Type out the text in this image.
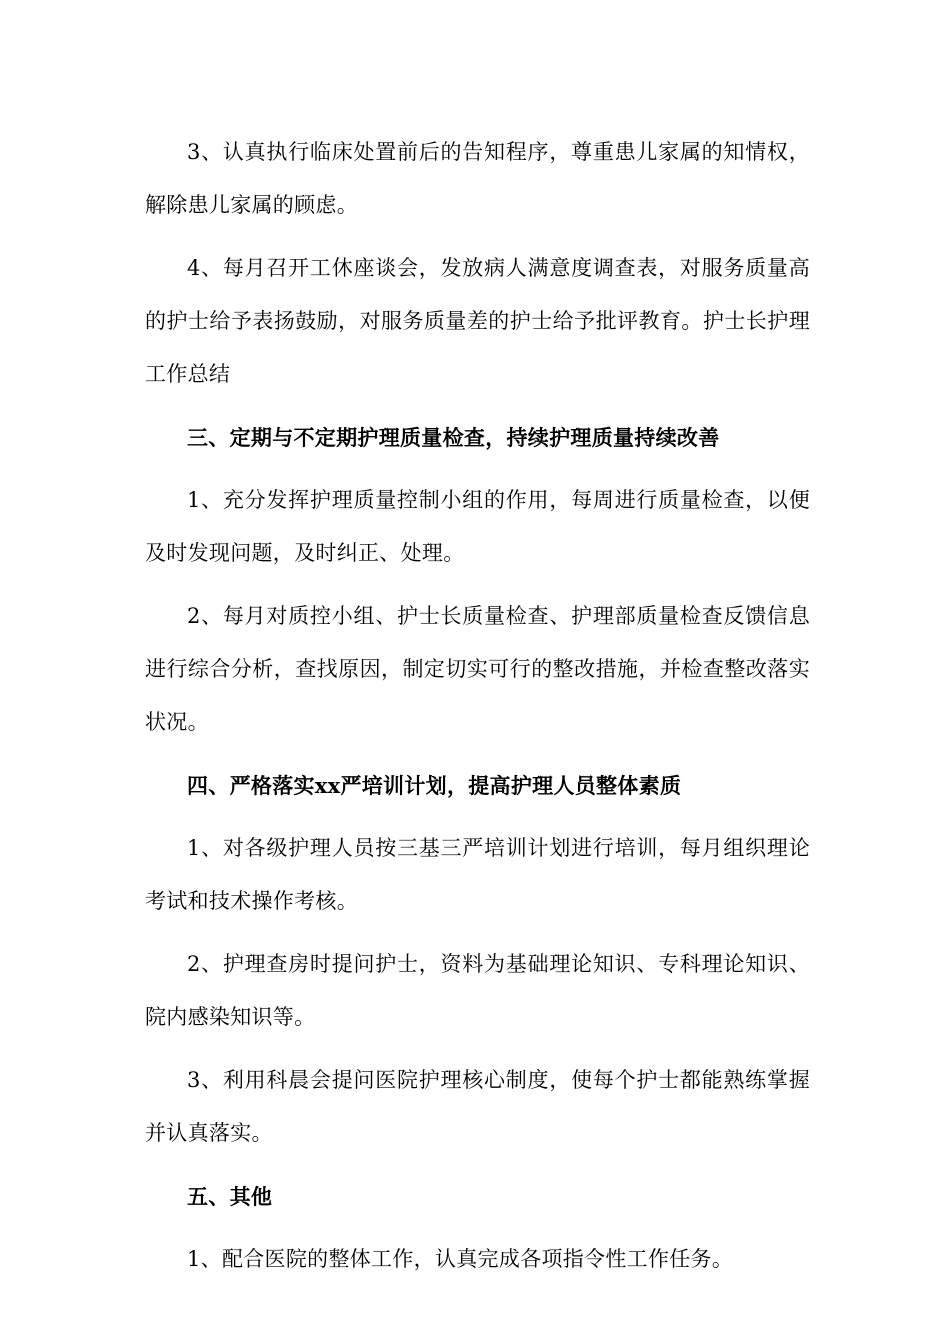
3、认真执行临床处置前后的告知程序，尊重患儿家属的知情权，解除患儿家属的顾虑。

4、每月召开工休座谈会，发放病人满意度调查表，对服务质量高的护士给予表扬鼓励，对服务质量差的护士给予批评教育。护士长护理工作总结

三、定期与不定期护理质量检查，持续护理质量持续改善

1、充分发挥护理质量控制小组的作用，每周进行质量检查，以便及时发现问题，及时纠正、处理。

2、每月对质控小组、护士长质量检查、护理部质量检查反馈信息进行综合分析，查找原因，制定切实可行的整改措施，并检查整改落实状况。

四、严格落实xx严培训计划，提高护理人员整体素质

1、对各级护理人员按三基三严培训计划进行培训，每月组织理论考试和技术操作考核。

2、护理查房时提问护士，资料为基础理论知识、专科理论知识、院内感染知识等。

3、利用科晨会提问医院护理核心制度，使每个护士都能熟练掌握并认真落实。

五、其他

1、配合医院的整体工作，认真完成各项指令性工作任务。
